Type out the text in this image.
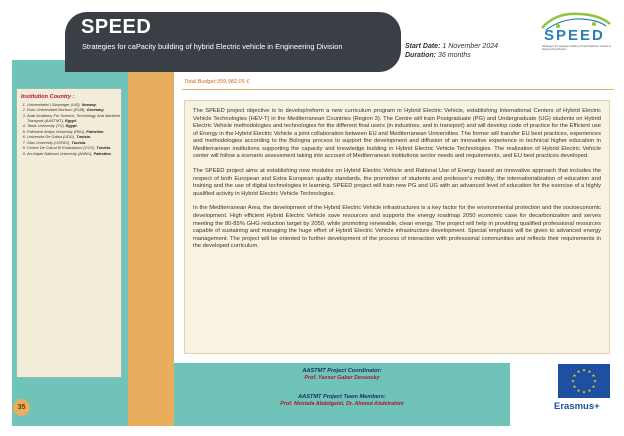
Institution Country :
1. Universitetet I Stavanger (UiS), Norway.
2. Ruhr-Universitaet Bochum (RUB), Germany.
3. Arab Academy For Science, Technology And Maritime Transport (AASTMT), Egypt.
4. Tanta University (TU), Egypt.
5. Palestine Ahliya University (PAU), Palestine.
6. Universite De Gafsa (UDG), Tunisia.
7. Sfax University (USFAX), Tunisia.
8. Centre De Calcul El Khawarizmi (CCK), Tunisia.
9. An-Najah National University (ANNU), Palestine.
SPEED
Strategies for caPacity building of hybrid Electric vehicle in Engineering Division	Start Date: 1 November 2024
Duration: 36 months
SPEED
Strategies for capacity building of hybrid Electric vehicle in Engineering Division
Total Budget:399,982.05 €

The SPEED project objective is to develop/reform a new curriculum program in Hybrid Electric Vehicle, establishing International Centers of Hybrid Electric Vehicle Technologies (HEV-T) in the Mediterranean Countries (Region 3). The Centre will train Postgraduate (PG) and Undergraduate (UG) students on Hybrid Electric Vehicle methodologies and technologies for the different final users (in industries, and in transport) and will develop code of practice for the Efficient use of Energy in the Hybrid Electric Vehicle a joint collaboration between EU and Mediterranean Universities. The former will transfer EU best practices, experiences and methodologies according to the Bologna process to support the development and diffusion of an innovative experience in technical higher education in Mediterranean institutions supporting the capacity and knowledge building in Hybrid Electric Vehicle Technologies. The realization of Hybrid Electric Vehicle center will follow a scenario assessment taking into account of Mediterranean institutions sector needs and requirements, and EU best practices developed.

The SPEED project aims at establishing new modules on Hybrid Electric Vehicle and Rational Use of Energy based an innovative approach that includes the respect of both European and Extra European quality standards, the promotion of students and professor's mobility, the internationalization of education and training and the use of digital technologies in learning. SPEED project will train new PG and UG with an advanced level of education for the exercise of a highly qualified activity in Hybrid Electric Vehicle Technologies.

In the Mediterranean Area, the development of the Hybrid Electric Vehicle infrastructures is a key factor for the environmental protection and the socioeconomic development. High efficient Hybrid Electric Vehicle save resources and supports the energy roadmap 2050 economic case for decarbonization and serves meeting the 80-85% GHG reduction target by 2050, while promoting renewable, clean energy. The project will help in providing qualified professional resources capable of sustaining and managing the huge effort of Hybrid Electric Vehicle infrastructure development. Special emphasis will be given to advanced energy management. The project will be oriented to further development of the process of interaction with professional communities and reflects their requirements in the developed curriculum.

AASTMT Project Coordinator:
Prof. Yasser Gaber Dessouky
AASTMT Project Team Members:
Prof. Mostafa Abdelgelel, Dr. Ahmed Abdelrahim
★ ★
★
★
★
★
★
★
★
★
★
★
Erasmus+
35
